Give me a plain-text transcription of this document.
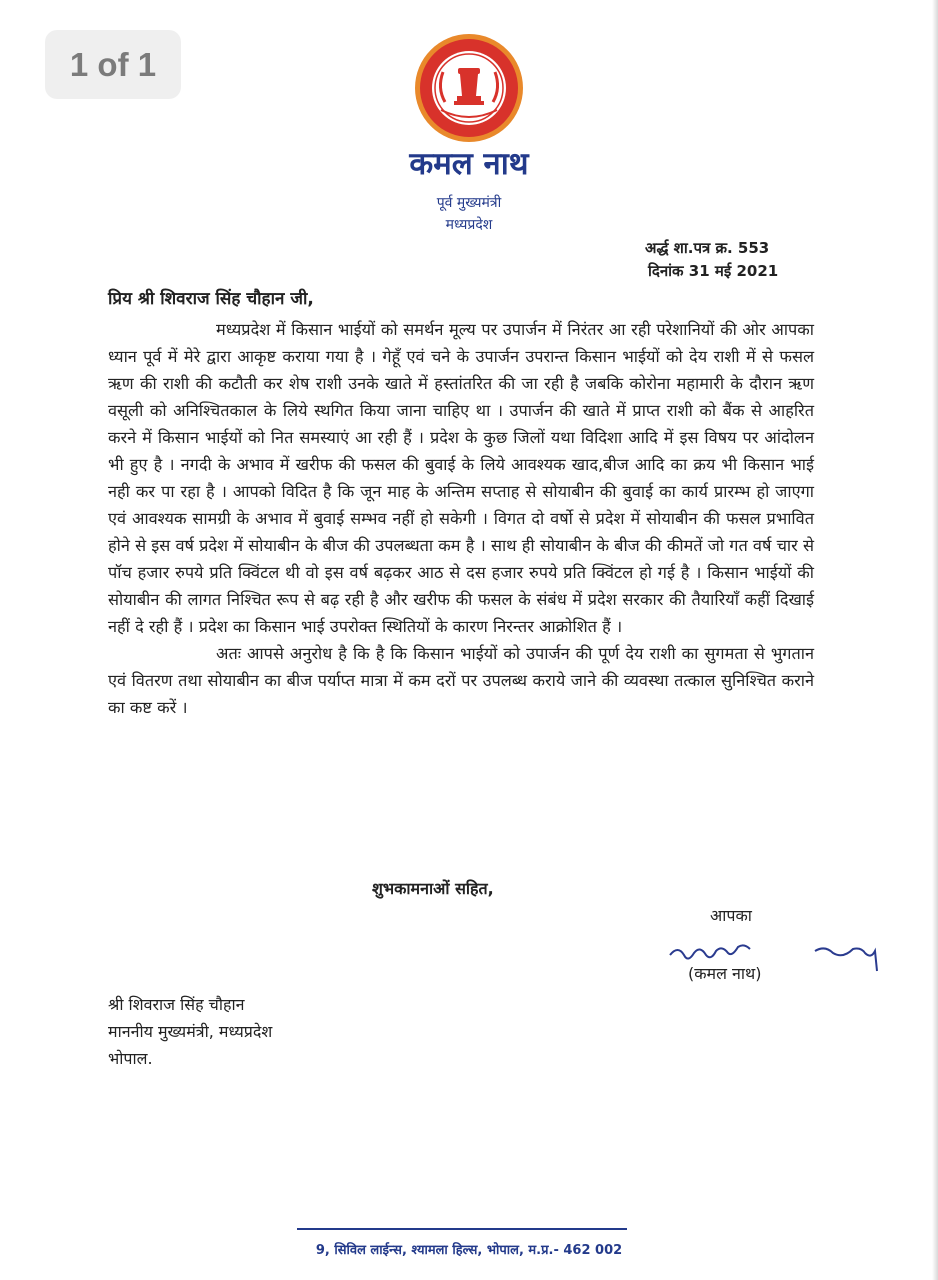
1 of 1
कमल नाथ
पूर्व मुख्यमंत्री
मध्यप्रदेश
अर्द्ध शा.पत्र क्र. 553
दिनांक 31 मई 2021
प्रिय श्री शिवराज सिंह चौहान जी,

मध्यप्रदेश में किसान भाईयों को समर्थन मूल्य पर उपार्जन में निरंतर आ रही परेशानियों की ओर आपका ध्यान पूर्व में मेरे द्वारा आकृष्ट कराया गया है । गेहूँ एवं चने के उपार्जन उपरान्त किसान भाईयों को देय राशी में से फसल ऋण की राशी की कटौती कर शेष राशी उनके खाते में हस्तांतरित की जा रही है जबकि कोरोना महामारी के दौरान ऋण वसूली को अनिश्चितकाल के लिये स्थगित किया जाना चाहिए था । उपार्जन की खाते में प्राप्त राशी को बैंक से आहरित करने में किसान भाईयों को नित समस्याएं आ रही हैं । प्रदेश के कुछ जिलों यथा विदिशा आदि में इस विषय पर आंदोलन भी हुए है । नगदी के अभाव में खरीफ की फसल की बुवाई के लिये आवश्यक खाद,बीज आदि का क्रय भी किसान भाई नही कर पा रहा है । आपको विदित है कि जून माह के अन्तिम सप्ताह से सोयाबीन की बुवाई का कार्य प्रारम्भ हो जाएगा एवं आवश्यक सामग्री के अभाव में बुवाई सम्भव नहीं हो सकेगी । विगत दो वर्षो से प्रदेश में सोयाबीन की फसल प्रभावित होने से इस वर्ष प्रदेश में सोयाबीन के बीज की उपलब्धता कम है । साथ ही सोयाबीन के बीज की कीमतें जो गत वर्ष चार से पॉच हजार रुपये प्रति क्विंटल थी वो इस वर्ष बढ़कर आठ से दस हजार रुपये प्रति क्विंटल हो गई है । किसान भाईयों की सोयाबीन की लागत निश्चित रूप से बढ़ रही है और खरीफ की फसल के संबंध में प्रदेश सरकार की तैयारियॉं कहीं दिखाई नहीं दे रही हैं । प्रदेश का किसान भाई उपरोक्त स्थितियों के कारण निरन्तर आक्रोशित हैं ।

अतः आपसे अनुरोध है कि है कि किसान भाईयों को उपार्जन की पूर्ण देय राशी का सुगमता से भुगतान एवं वितरण तथा सोयाबीन का बीज पर्याप्त मात्रा में कम दरों पर उपलब्ध कराये जाने की व्यवस्था तत्काल सुनिश्चित कराने का कष्ट करें ।

शुभकामनाओं सहित,
आपका
(कमल नाथ)
श्री शिवराज सिंह चौहान
माननीय मुख्यमंत्री, मध्यप्रदेश
भोपाल.
9, सिविल लाईन्स, श्यामला हिल्स, भोपाल, म.प्र.- 462 002
